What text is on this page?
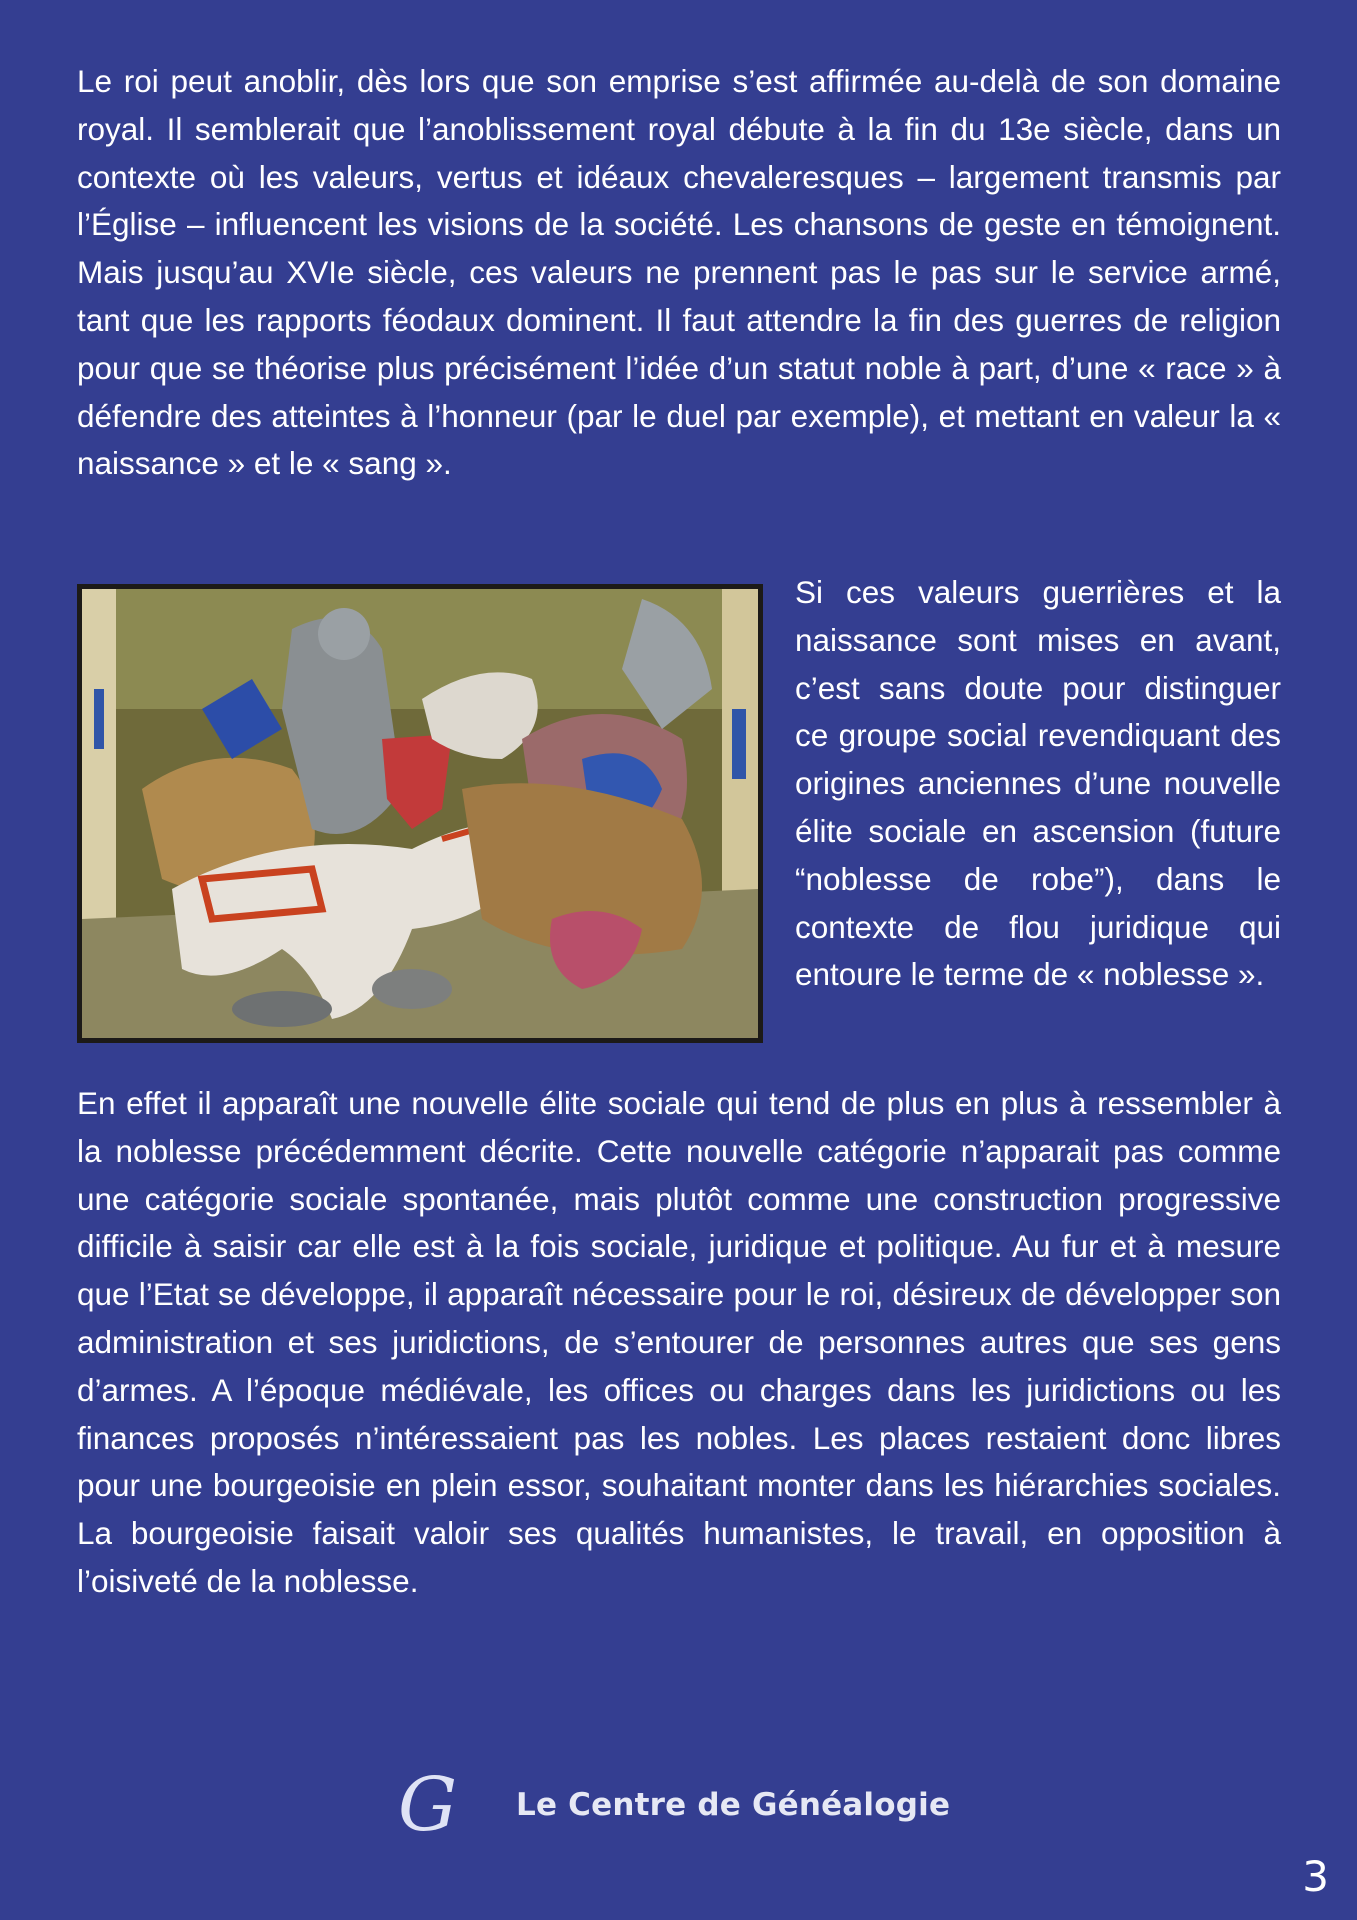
Le roi peut anoblir, dès lors que son emprise s’est affirmée au-delà de son domaine royal. Il semblerait que l’anoblissement royal débute à la fin du 13e siècle, dans un contexte où les valeurs, vertus et idéaux chevaleresques – largement transmis par l’Église – influencent les visions de la société. Les chansons de geste en témoignent. Mais jusqu’au XVIe siècle, ces valeurs ne prennent pas le pas sur le service armé, tant que les rapports féodaux dominent. Il faut attendre la fin des guerres de religion pour que se théorise plus précisément l’idée d’un statut noble à part, d’une « race » à défendre des atteintes à l’honneur (par le duel par exemple), et mettant en valeur la « naissance » et le « sang ».

Si ces valeurs guerrières et la naissance sont mises en avant, c’est sans doute pour distinguer ce groupe social revendiquant des origines anciennes d’une nouvelle élite sociale en ascension (future “noblesse de robe”), dans le contexte de flou juridique qui entoure le terme de « noblesse ».

En effet il apparaît une nouvelle élite sociale qui tend de plus en plus à ressembler à la noblesse précédemment décrite. Cette nouvelle catégorie n’apparait pas comme une catégorie sociale spontanée, mais plutôt comme une construction progressive difficile à saisir car elle est à la fois sociale, juridique et politique. Au fur et à mesure que l’Etat se développe, il apparaît nécessaire pour le roi, désireux de développer son administration et ses juridictions, de s’entourer de personnes autres que ses gens d’armes. A l’époque médiévale, les offices ou charges dans les juridictions ou les finances proposés n’intéressaient pas les nobles. Les places restaient donc libres pour une bourgeoisie en plein essor, souhaitant monter dans les hiérarchies sociales. La bourgeoisie faisait valoir ses qualités humanistes, le travail, en opposition à l’oisiveté de la noblesse.

G	Le Centre de Généalogie
3
